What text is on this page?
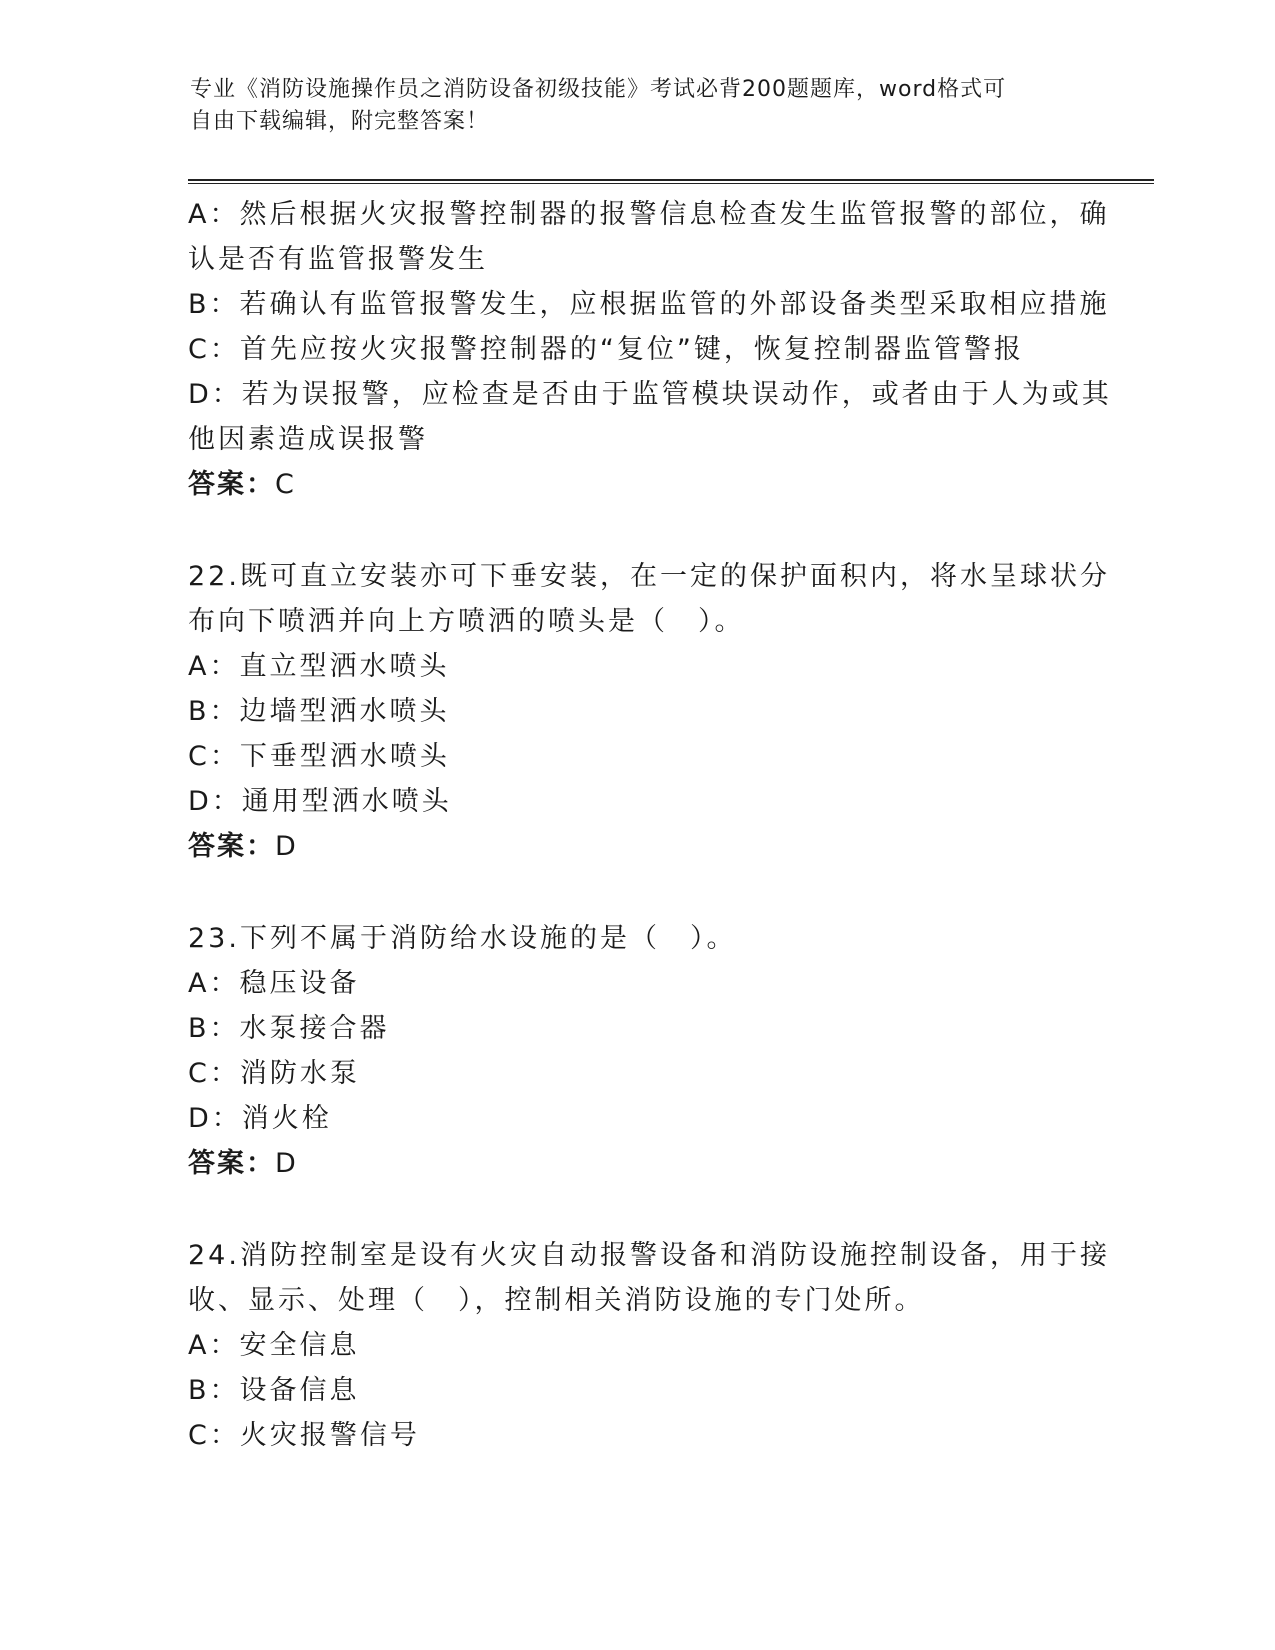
专业《消防设施操作员之消防设备初级技能》考试必背200题题库，word格式可
自由下载编辑，附完整答案！
A：然后根据火灾报警控制器的报警信息检查发生监管报警的部位，确
认是否有监管报警发生
B：若确认有监管报警发生，应根据监管的外部设备类型采取相应措施
C：首先应按火灾报警控制器的“复位”键，恢复控制器监管警报
D：若为误报警，应检查是否由于监管模块误动作，或者由于人为或其
他因素造成误报警
答案：C
22.既可直立安装亦可下垂安装，在一定的保护面积内，将水呈球状分
布向下喷洒并向上方喷洒的喷头是（　）。
A：直立型洒水喷头
B：边墙型洒水喷头
C：下垂型洒水喷头
D：通用型洒水喷头
答案：D
23.下列不属于消防给水设施的是（　）。
A：稳压设备
B：水泵接合器
C：消防水泵
D：消火栓
答案：D
24.消防控制室是设有火灾自动报警设备和消防设施控制设备，用于接
收、显示、处理（　），控制相关消防设施的专门处所。
A：安全信息
B：设备信息
C：火灾报警信号
